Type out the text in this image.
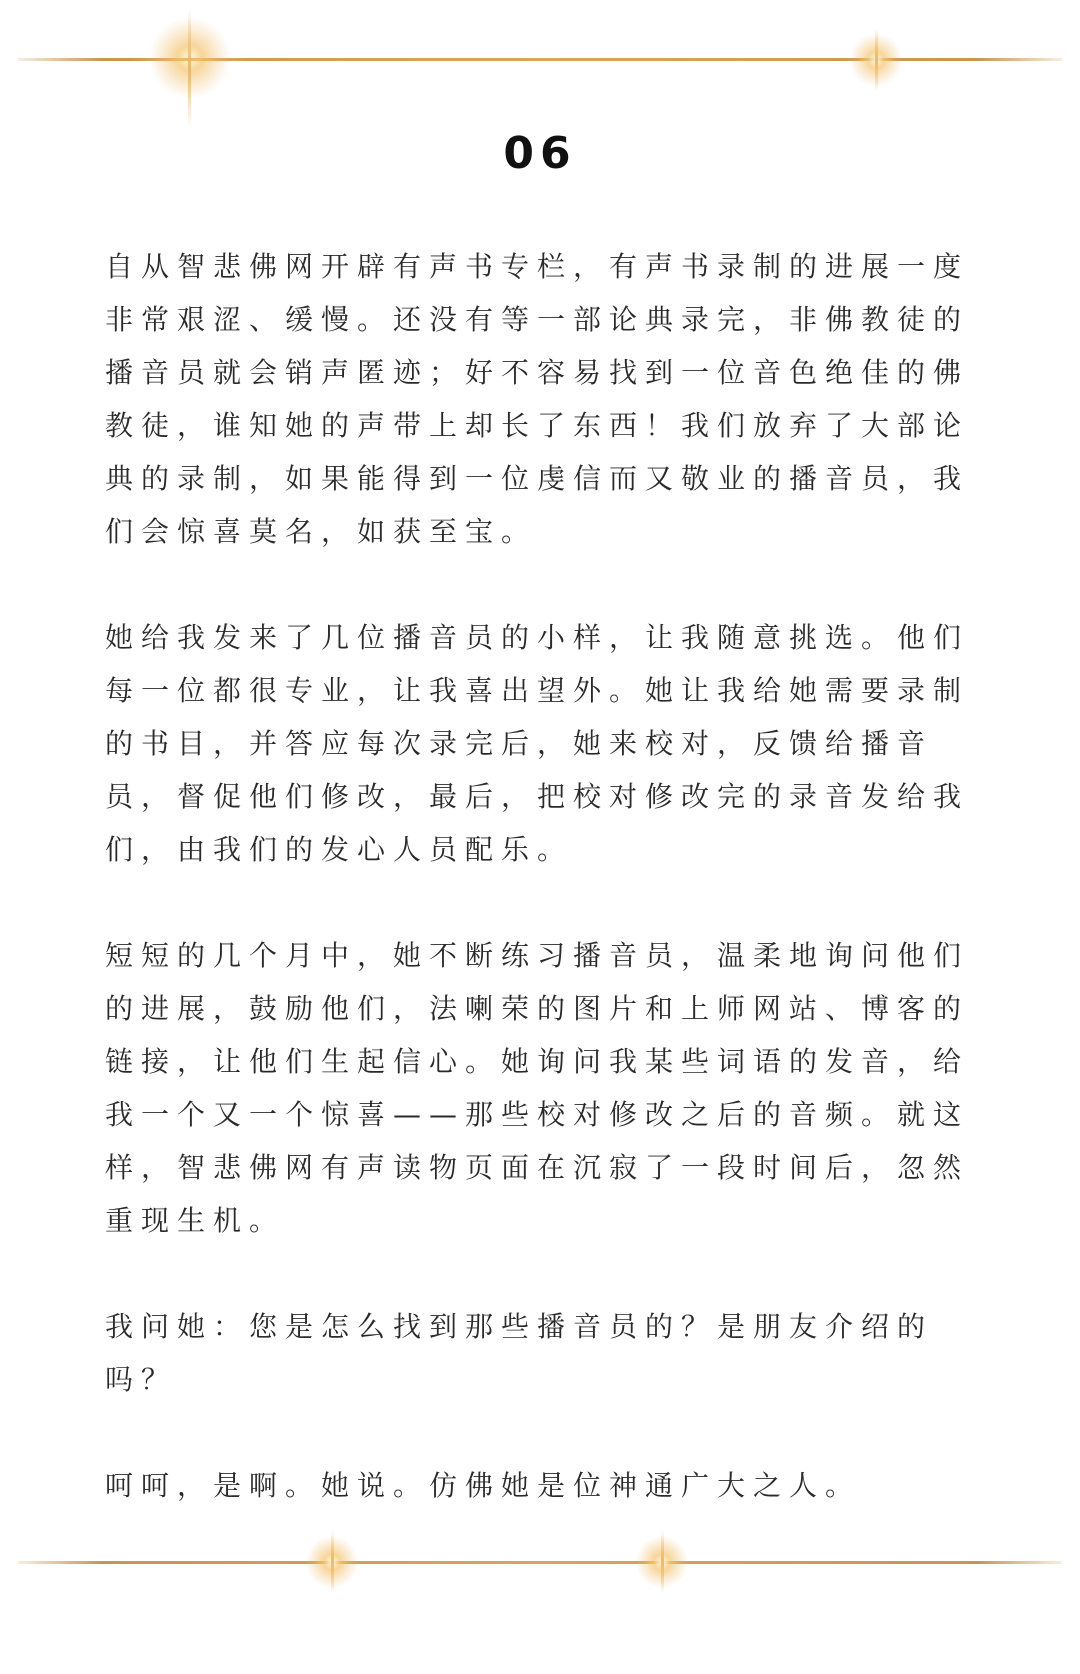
06

自从智悲佛网开辟有声书专栏，有声书录制的进展一度非常艰涩、缓慢。还没有等一部论典录完，非佛教徒的播音员就会销声匿迹；好不容易找到一位音色绝佳的佛教徒，谁知她的声带上却长了东西！我们放弃了大部论典的录制，如果能得到一位虔信而又敬业的播音员，我们会惊喜莫名，如获至宝。

她给我发来了几位播音员的小样，让我随意挑选。他们每一位都很专业，让我喜出望外。她让我给她需要录制的书目，并答应每次录完后，她来校对，反馈给播音员，督促他们修改，最后，把校对修改完的录音发给我们，由我们的发心人员配乐。

短短的几个月中，她不断练习播音员，温柔地询问他们的进展，鼓励他们，法喇荣的图片和上师网站、博客的链接，让他们生起信心。她询问我某些词语的发音，给我一个又一个惊喜——那些校对修改之后的音频。就这样，智悲佛网有声读物页面在沉寂了一段时间后，忽然重现生机。

我问她：您是怎么找到那些播音员的？是朋友介绍的吗？

呵呵，是啊。她说。仿佛她是位神通广大之人。
